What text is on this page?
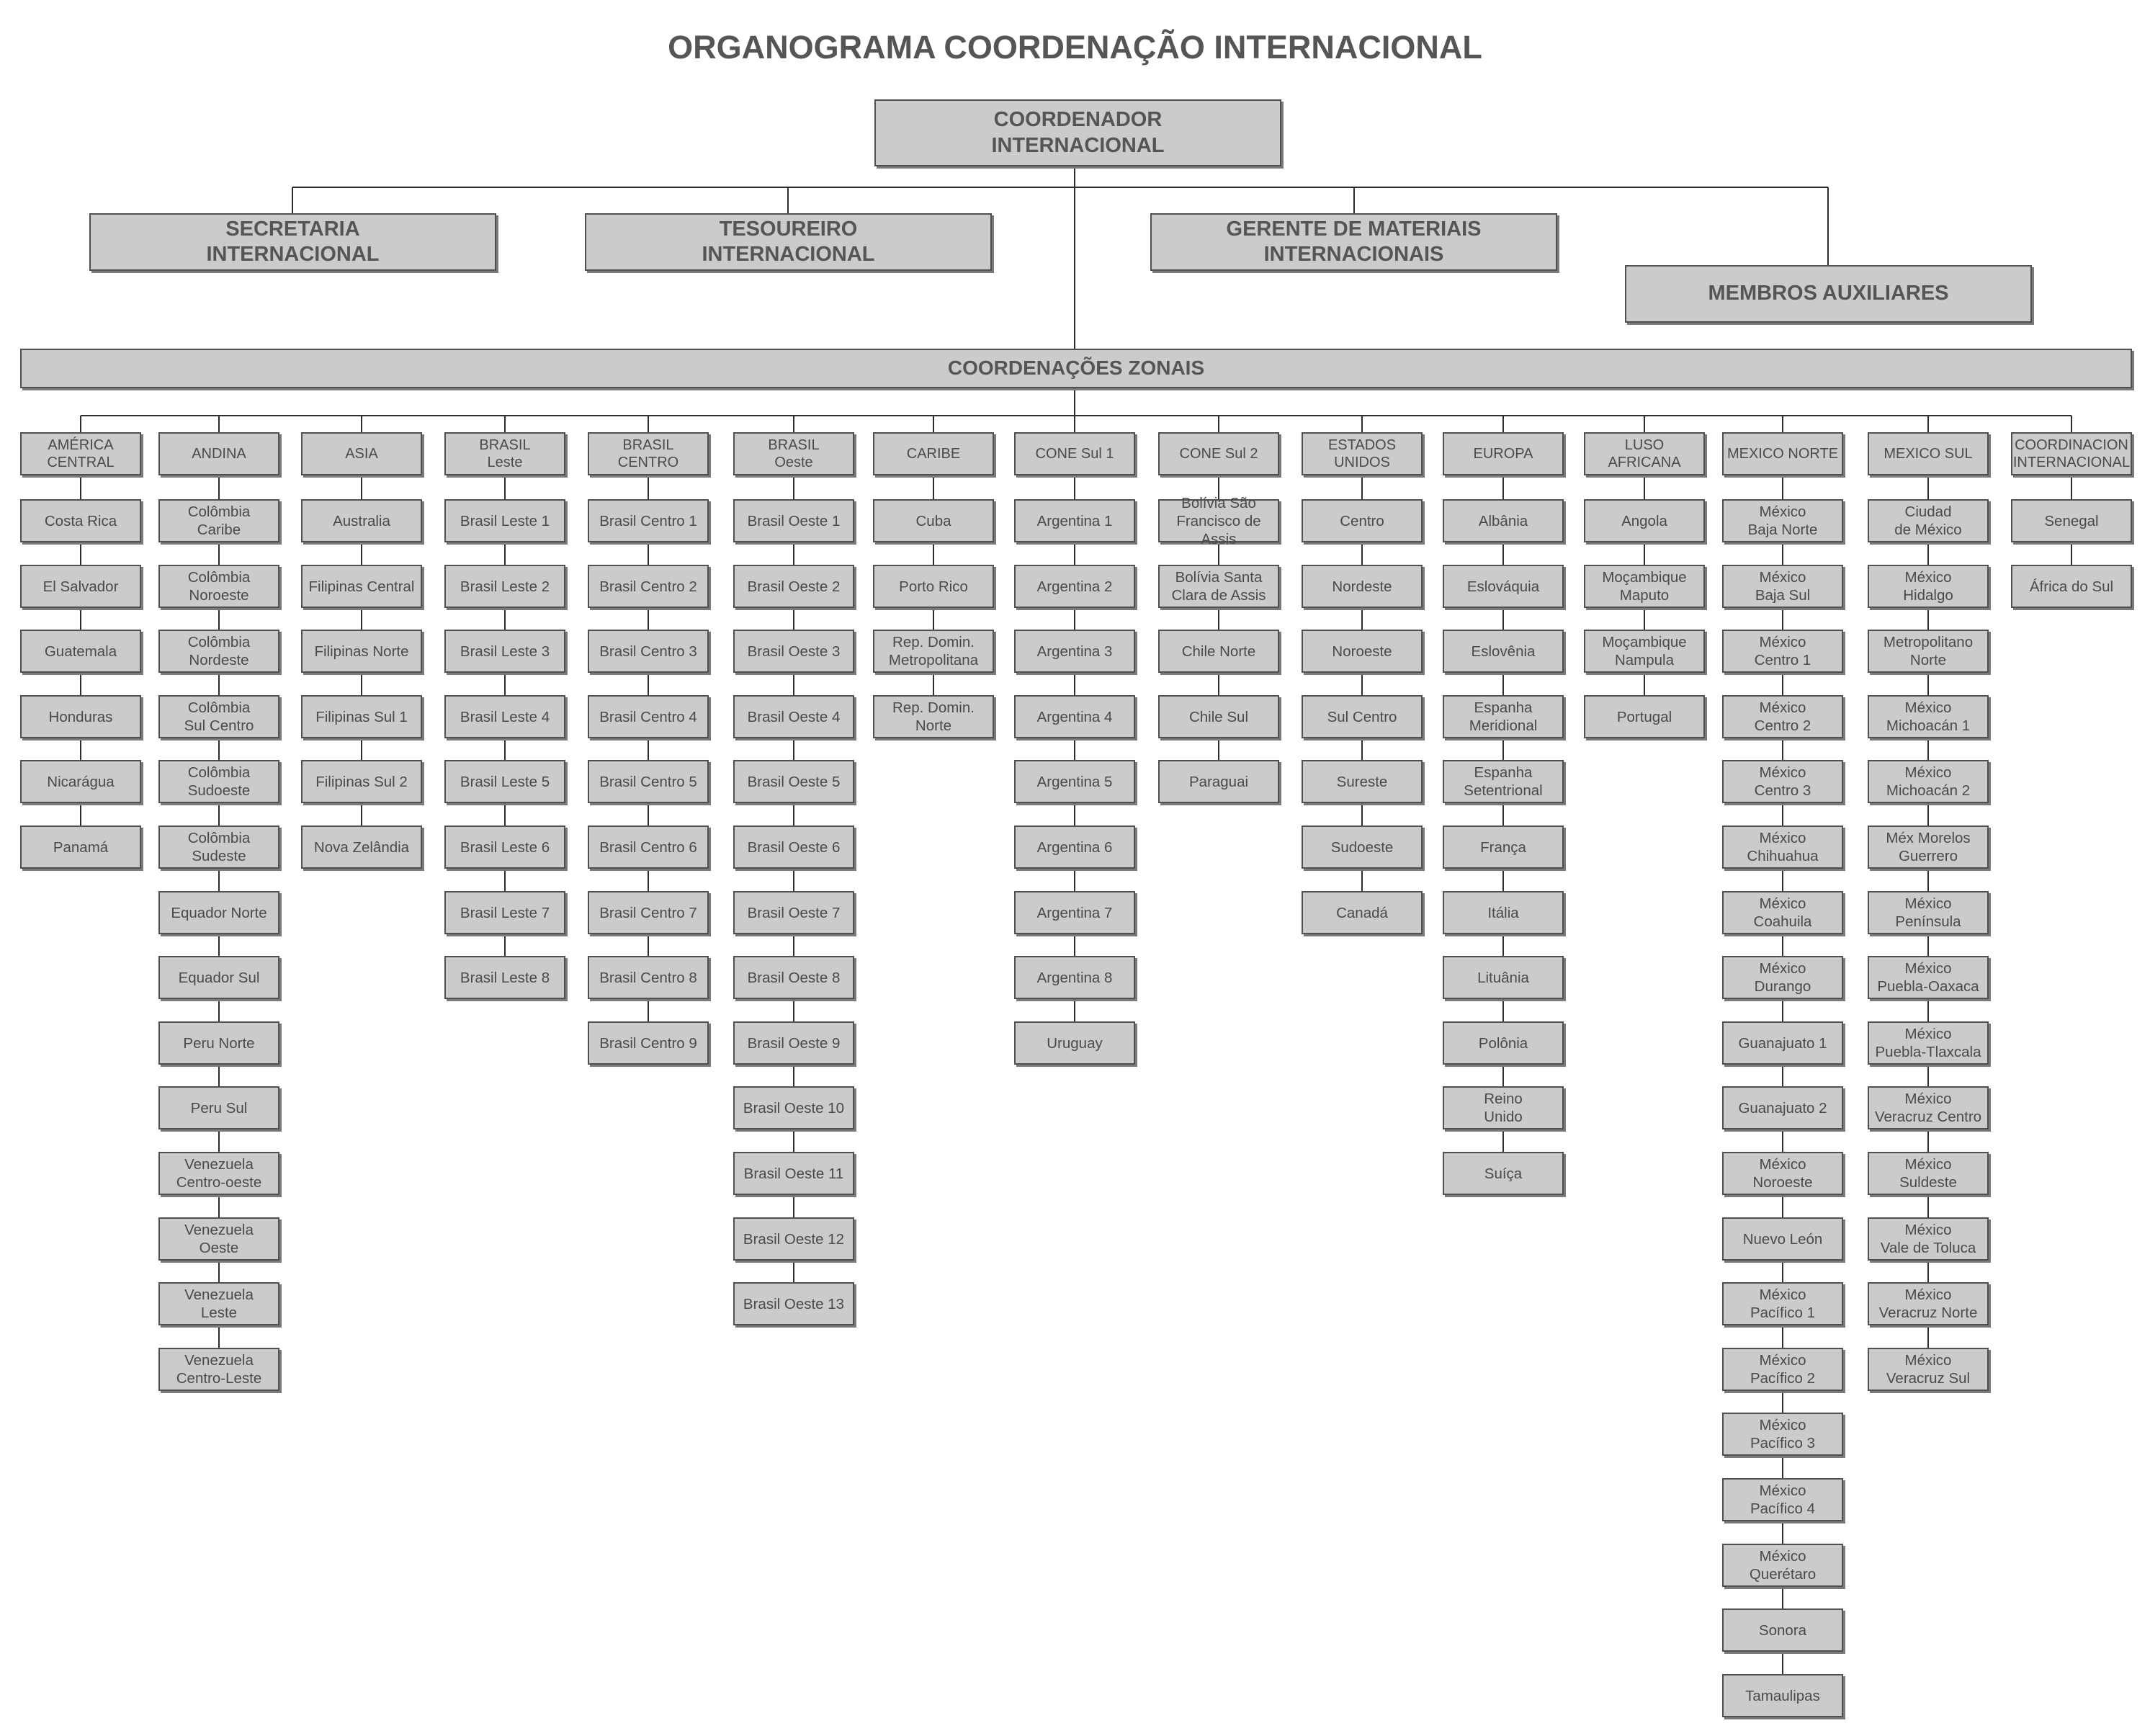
ORGANOGRAMA COORDENAÇÃO INTERNACIONAL
COORDENADOR
INTERNACIONAL
SECRETARIA
INTERNACIONAL
TESOUREIRO
INTERNACIONAL
GERENTE DE MATERIAIS
INTERNACIONAIS
MEMBROS AUXILIARES
COORDENAÇÕES ZONAIS
AMÉRICA
CENTRAL
Costa Rica
El Salvador
Guatemala
Honduras
Nicarágua
Panamá
ANDINA
Colômbia
Caribe
Colômbia
Noroeste
Colômbia
Nordeste
Colômbia
Sul Centro
Colômbia
Sudoeste
Colômbia
Sudeste
Equador Norte
Equador Sul
Peru Norte
Peru Sul
Venezuela
Centro-oeste
Venezuela
Oeste
Venezuela
Leste
Venezuela
Centro-Leste
ASIA
Australia
Filipinas Central
Filipinas Norte
Filipinas Sul 1
Filipinas Sul 2
Nova Zelândia
BRASIL
Leste
Brasil Leste 1
Brasil Leste 2
Brasil Leste 3
Brasil Leste 4
Brasil Leste 5
Brasil Leste 6
Brasil Leste 7
Brasil Leste 8
BRASIL
CENTRO
Brasil Centro 1
Brasil Centro 2
Brasil Centro 3
Brasil Centro 4
Brasil Centro 5
Brasil Centro 6
Brasil Centro 7
Brasil Centro 8
Brasil Centro 9
BRASIL
Oeste
Brasil Oeste 1
Brasil Oeste 2
Brasil Oeste 3
Brasil Oeste 4
Brasil Oeste 5
Brasil Oeste 6
Brasil Oeste 7
Brasil Oeste 8
Brasil Oeste 9
Brasil Oeste 10
Brasil Oeste 11
Brasil Oeste 12
Brasil Oeste 13
CARIBE
Cuba
Porto Rico
Rep. Domin.
Metropolitana
Rep. Domin.
Norte
CONE Sul 1
Argentina 1
Argentina 2
Argentina 3
Argentina 4
Argentina 5
Argentina 6
Argentina 7
Argentina 8
Uruguay
CONE Sul 2
Bolívia São
Francisco de Assis
Bolívia Santa
Clara de Assis
Chile Norte
Chile Sul
Paraguai
ESTADOS
UNIDOS
Centro
Nordeste
Noroeste
Sul Centro
Sureste
Sudoeste
Canadá
EUROPA
Albânia
Eslováquia
Eslovênia
Espanha
Meridional
Espanha
Setentrional
França
Itália
Lituânia
Polônia
Reino
Unido
Suíça
LUSO
AFRICANA
Angola
Moçambique
Maputo
Moçambique
Nampula
Portugal
MEXICO NORTE
México
Baja Norte
México
Baja Sul
México
Centro 1
México
Centro 2
México
Centro 3
México
Chihuahua
México
Coahuila
México
Durango
Guanajuato 1
Guanajuato 2
México
Noroeste
Nuevo León
México
Pacífico 1
México
Pacífico 2
México
Pacífico 3
México
Pacífico 4
México
Querétaro
Sonora
Tamaulipas
MEXICO SUL
Ciudad
de México
México
Hidalgo
Metropolitano
Norte
México
Michoacán 1
México
Michoacán 2
Méx Morelos
Guerrero
México
Península
México
Puebla-Oaxaca
México
Puebla-Tlaxcala
México
Veracruz Centro
México
Suldeste
México
Vale de Toluca
México
Veracruz Norte
México
Veracruz Sul
COORDINACION
INTERNACIONAL
Senegal
África do Sul
